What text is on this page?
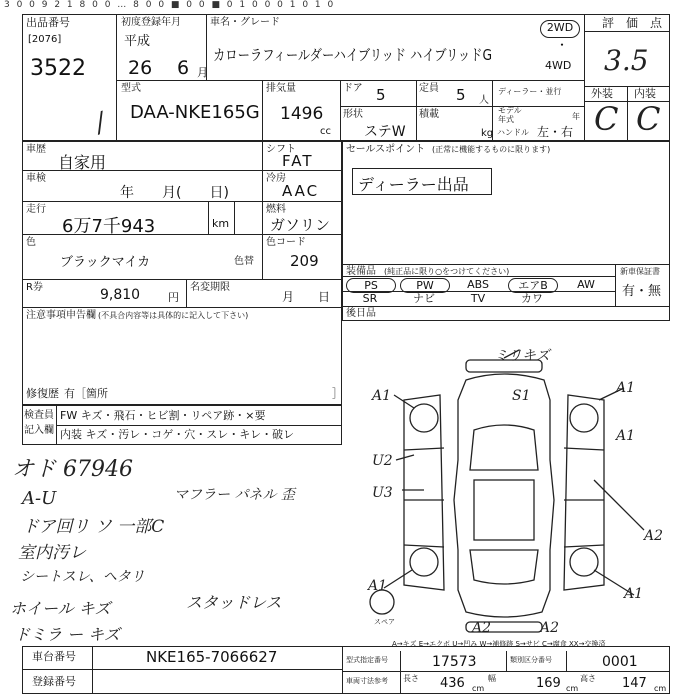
3 0 0 9 2 1 8 0 0 … 8 0 0 ■ 0 0 ■ 0 1 0 0 0 1 0 1 0
出品番号
[2076]
3522
/
初度登録年月
平成
26 6 月
車名・グレード
カローラフィールダーハイブリッド ハイブリッドG
2WD
・
4WD
評　価　点
3.5
型式
DAA-NKE165G
排気量
1496
cc
ドア 5	定員 5 人
ディーラー・並行
モデル年式	年
形状
ステW
積載
kg ハンドル 左・右
外装 内装
C C
車歴
自家用
車検
年　　月(　　日)
走行
6万7千943	km
色
ブラックマイカ	色替
シフト
FAT
冷房
AAC
燃料
ガソリン
色コード
209
R券	9,810	円
名変期限
月　　日
注意事項申告欄 (不具合内容等は具体的に記入して下さい)
修復歴 有［箇所	］
セールスポイント (正常に機能するものに限ります)
ディーラー出品
装備品 (純正品に限り○をつけてください)	新車保証書
有・無
PS	PW	ABS	エアB	AW
SR	ナビ	TV	カワ
後日品
検査員
記入欄
FW キズ・飛石・ヒビ割・リペア跡・×要
内装 キズ・汚レ・コゲ・穴・スレ・キレ・破レ
オド 67946
A-U
ドア回リ ソ 一部C
室内汚レ
シートスレ、ヘタリ
ホイール キズ
ドミラ ー キズ
マフラー パネル 歪
スタッドレス
ミリキズ
A1	S1	A1
U2
U3
A1
A2
A1	A1
A2	A2
スペア
A→キズ E→エクボ U→凹み W→補修跡 S→サビ C→腐食 XX→交換済
車台番号	NKE165-7066627
登録番号
型式指定番号	17573	類別区分番号	0001
車両寸法参考 長さ 436 cm
幅	169 cm
高さ 147 cm
